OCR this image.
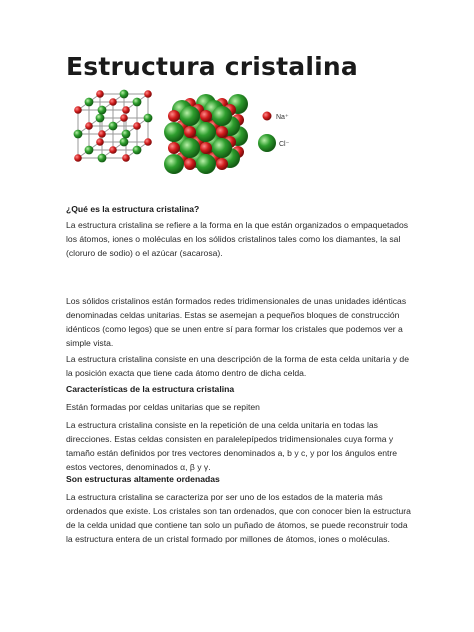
Estructura cristalina
Na⁺
Cl⁻

¿Qué es la estructura cristalina?

La estructura cristalina se refiere a la forma en la que están organizados o empaquetados los átomos, iones o moléculas en los sólidos cristalinos tales como los diamantes, la sal (cloruro de sodio) o el azúcar (sacarosa).

Los sólidos cristalinos están formados redes tridimensionales de unas unidades idénticas denominadas celdas unitarias. Estas se asemejan a pequeños bloques de construcción idénticos (como legos) que se unen entre sí para formar los cristales que podemos ver a simple vista.

La estructura cristalina consiste en una descripción de la forma de esta celda unitaria y de la posición exacta que tiene cada átomo dentro de dicha celda.

Características de la estructura cristalina

Están formadas por celdas unitarias que se repiten

La estructura cristalina consiste en la repetición de una celda unitaria en todas las direcciones. Estas celdas consisten en paralelepípedos tridimensionales cuya forma y tamaño están definidos por tres vectores denominados a, b y c, y por los ángulos entre estos vectores, denominados α, β y γ.

Son estructuras altamente ordenadas

La estructura cristalina se caracteriza por ser uno de los estados de la materia más ordenados que existe. Los cristales son tan ordenados, que con conocer bien la estructura de la celda unidad que contiene tan solo un puñado de átomos, se puede reconstruir toda la estructura entera de un cristal formado por millones de átomos, iones o moléculas.
